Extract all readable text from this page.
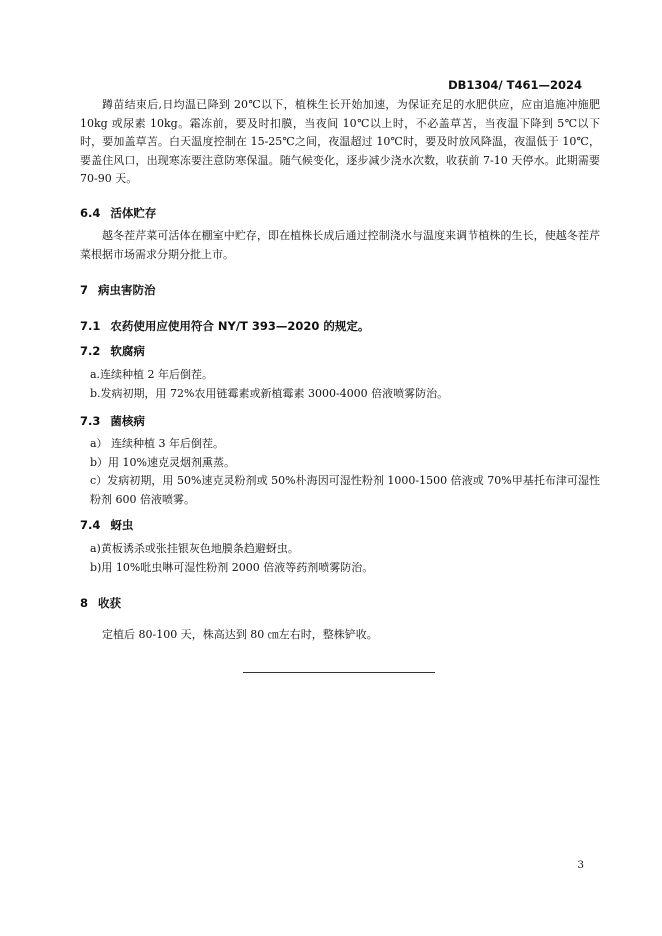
DB1304/ T461—2024

蹲苗结束后,日均温已降到 20℃以下，植株生长开始加速，为保证充足的水肥供应，应亩追施冲施肥 10kg 或尿素 10kg。霜冻前，要及时扣膜，当夜间 10℃以上时，不必盖草苫，当夜温下降到 5℃以下时，要加盖草苫。白天温度控制在 15-25℃之间，夜温超过 10℃时，要及时放风降温，夜温低于 10℃，要盖住风口，出现寒冻要注意防寒保温。随气候变化，逐步减少浇水次数，收获前 7-10 天停水。此期需要 70-90 天。

6.4 活体贮存

越冬茬芹菜可活体在棚室中贮存，即在植株长成后通过控制浇水与温度来调节植株的生长，使越冬茬芹菜根据市场需求分期分批上市。

7 病虫害防治
7.1 农药使用应使用符合 NY/T 393—2020 的规定。
7.2 软腐病

a.连续种植 2 年后倒茬。

b.发病初期，用 72%农用链霉素或新植霉素 3000-4000 倍液喷雾防治。

7.3 菌核病

a） 连续种植 3 年后倒茬。

b）用 10%速克灵烟剂熏蒸。

c）发病初期，用 50%速克灵粉剂或 50%朴海因可湿性粉剂 1000-1500 倍液或 70%甲基托布津可湿性粉剂 600 倍液喷雾。

7.4 蚜虫

a)黄板诱杀或张挂银灰色地膜条趋避蚜虫。

b)用 10%吡虫啉可湿性粉剂 2000 倍液等药剂喷雾防治。

8 收获

定植后 80-100 天，株高达到 80 ㎝左右时，整株铲收。

3
